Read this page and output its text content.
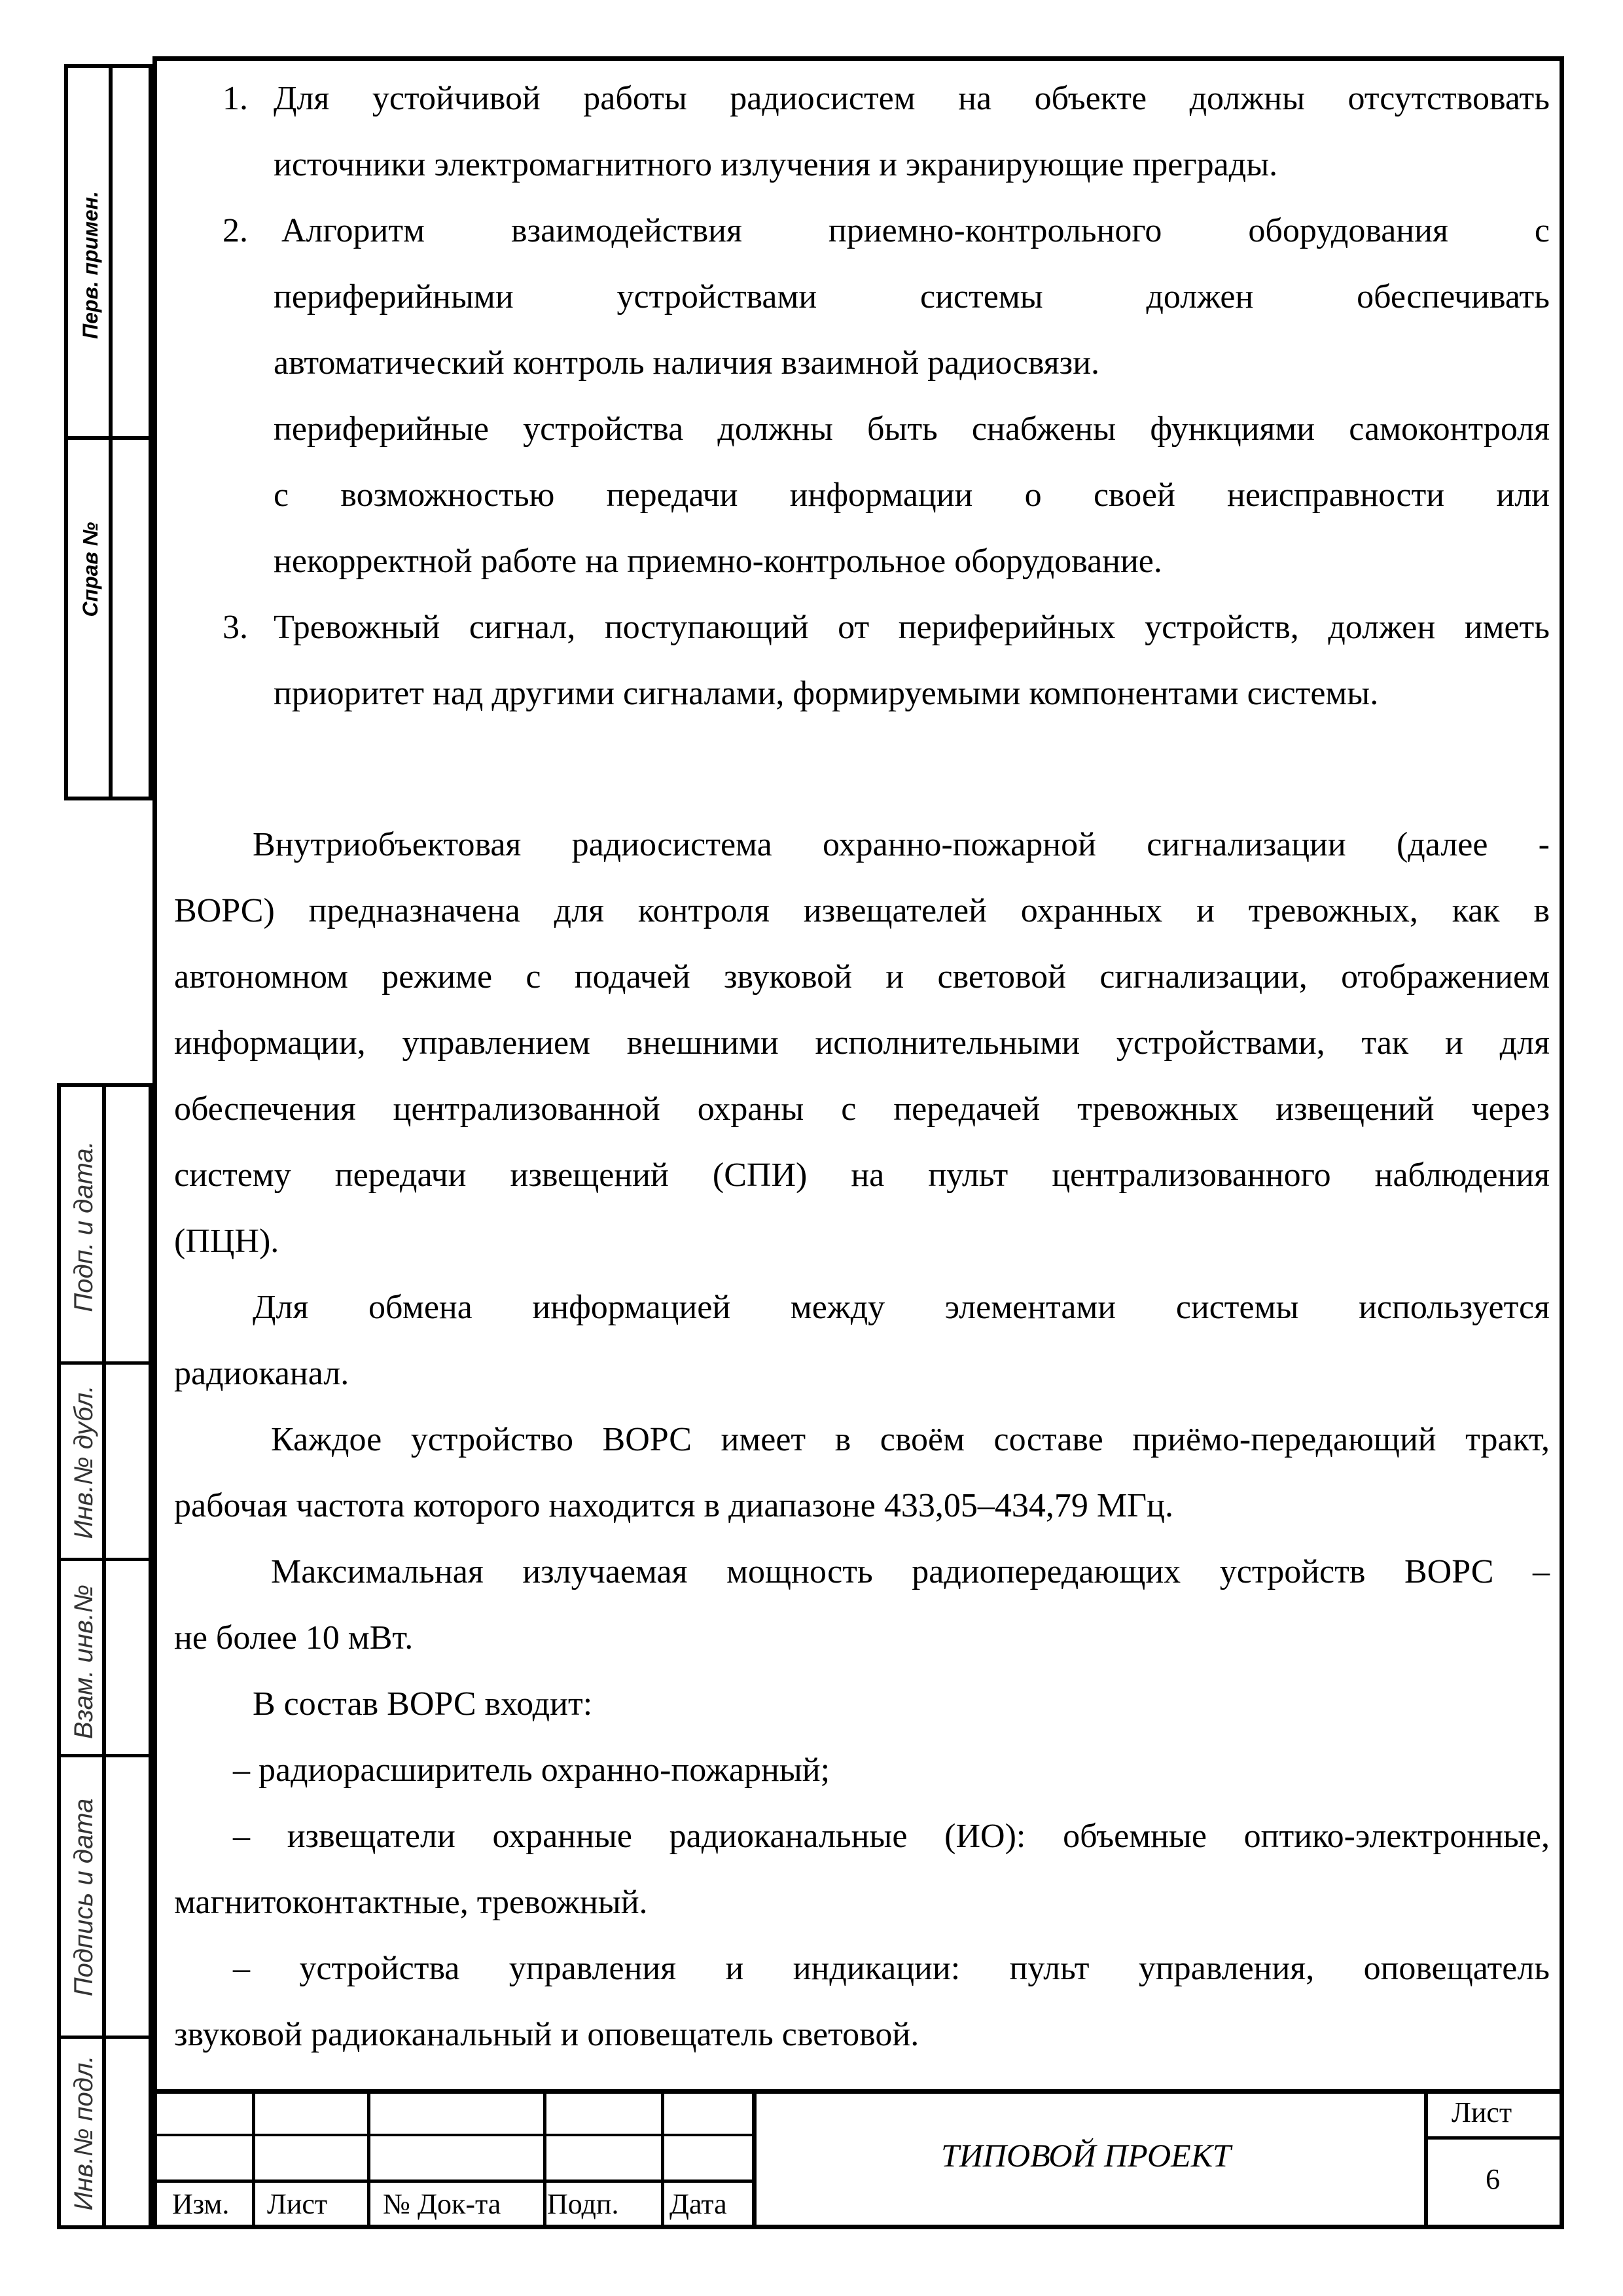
Перв. примен.
Справ №
Подп. и дата.
Инв.№ дубл.
Взам. инв.№
Подпись и дата
Инв.№ подл.
1. Для устойчивой работы радиосистем на объекте должны отсутствовать
источники электромагнитного излучения и экранирующие преграды.
2. Алгоритм взаимодействия приемно-контрольного оборудования с
периферийными устройствами системы должен обеспечивать
автоматический контроль наличия взаимной радиосвязи.
периферийные устройства должны быть снабжены функциями самоконтроля
с возможностью передачи информации о своей неисправности или
некорректной работе на приемно-контрольное оборудование.
3. Тревожный сигнал, поступающий от периферийных устройств, должен иметь
приоритет над другими сигналами, формируемыми компонентами системы.
Внутриобъектовая радиосистема охранно-пожарной сигнализации (далее -
ВОРС) предназначена для контроля извещателей охранных и тревожных, как в
автономном режиме с подачей звуковой и световой сигнализации, отображением
информации, управлением внешними исполнительными устройствами, так и для
обеспечения централизованной охраны с передачей тревожных извещений через
систему передачи извещений (СПИ) на пульт централизованного наблюдения
(ПЦН).
Для обмена информацией между элементами системы используется
радиоканал.
Каждое устройство ВОРС имеет в своём составе приёмо-передающий тракт,
рабочая частота которого находится в диапазоне 433,05–434,79 МГц.
Максимальная излучаемая мощность радиопередающих устройств ВОРС –
не более 10 мВт.
В состав ВОРС входит:
– радиорасширитель охранно-пожарный;
– извещатели охранные радиоканальные (ИО): объемные оптико-электронные,
магнитоконтактные, тревожный.
– устройства управления и индикации: пульт управления, оповещатель
звуковой радиоканальный и оповещатель световой.
Изм. Лист № Док-та Подп. Дата
ТИПОВОЙ ПРОЕКТ
Лист
6
